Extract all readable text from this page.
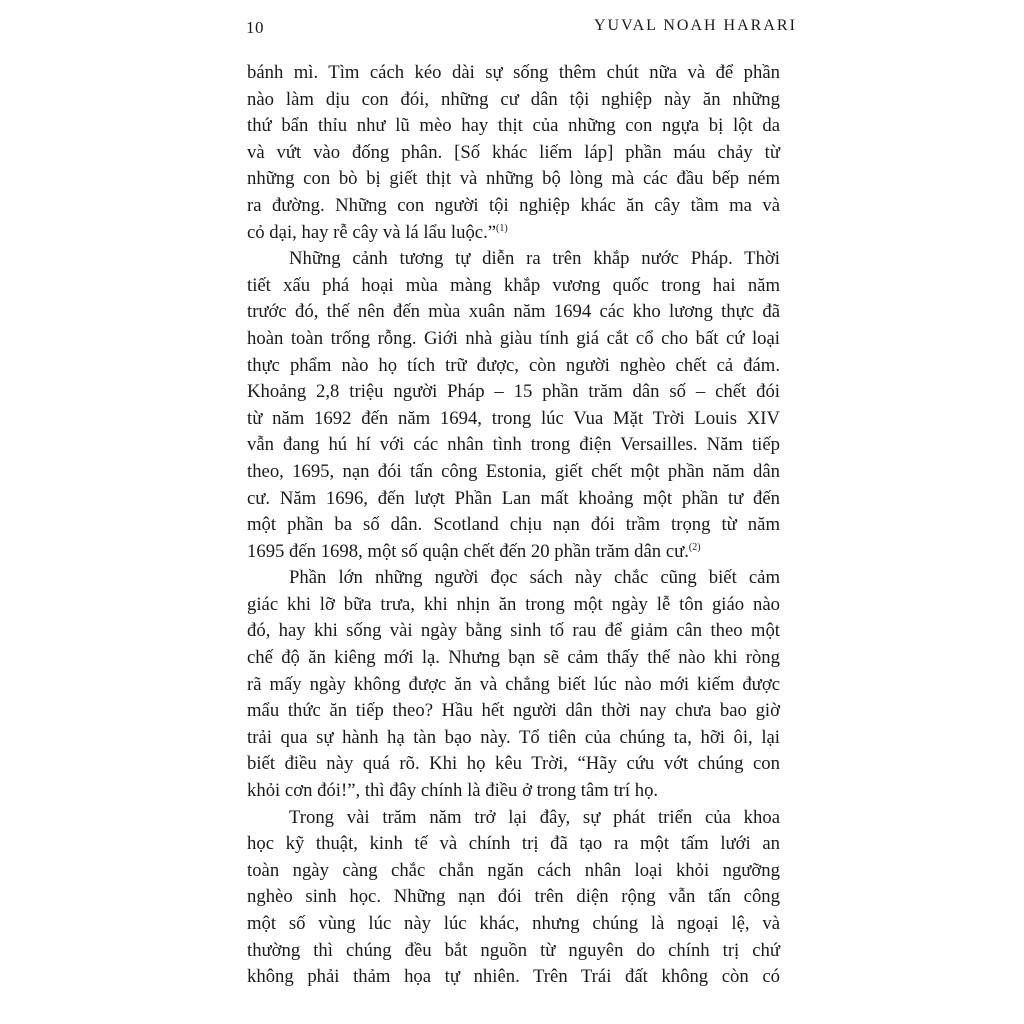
10	YUVAL NOAH HARARI
bánh mì. Tìm cách kéo dài sự sống thêm chút nữa và để phần
nào làm dịu con đói, những cư dân tội nghiệp này ăn những
thứ bẩn thỉu như lũ mèo hay thịt của những con ngựa bị lột da
và vứt vào đống phân. [Số khác liếm láp] phần máu chảy từ
những con bò bị giết thịt và những bộ lòng mà các đầu bếp ném
ra đường. Những con người tội nghiệp khác ăn cây tầm ma và
cỏ dại, hay rễ cây và lá lẩu luộc.”$^{(1)}$
Những cảnh tương tự diễn ra trên khắp nước Pháp. Thời
tiết xấu phá hoại mùa màng khắp vương quốc trong hai năm
trước đó, thế nên đến mùa xuân năm 1694 các kho lương thực đã
hoàn toàn trống rỗng. Giới nhà giàu tính giá cắt cổ cho bất cứ loại
thực phẩm nào họ tích trữ được, còn người nghèo chết cả đám.
Khoảng 2,8 triệu người Pháp – 15 phần trăm dân số – chết đói
từ năm 1692 đến năm 1694, trong lúc Vua Mặt Trời Louis XIV
vẫn đang hú hí với các nhân tình trong điện Versailles. Năm tiếp
theo, 1695, nạn đói tấn công Estonia, giết chết một phần năm dân
cư. Năm 1696, đến lượt Phần Lan mất khoảng một phần tư đến
một phần ba số dân. Scotland chịu nạn đói trầm trọng từ năm
1695 đến 1698, một số quận chết đến 20 phần trăm dân cư.$^{(2)}$
Phần lớn những người đọc sách này chắc cũng biết cảm
giác khi lỡ bữa trưa, khi nhịn ăn trong một ngày lễ tôn giáo nào
đó, hay khi sống vài ngày bằng sinh tố rau để giảm cân theo một
chế độ ăn kiêng mới lạ. Nhưng bạn sẽ cảm thấy thế nào khi ròng
rã mấy ngày không được ăn và chẳng biết lúc nào mới kiếm được
mẩu thức ăn tiếp theo? Hầu hết người dân thời nay chưa bao giờ
trải qua sự hành hạ tàn bạo này. Tổ tiên của chúng ta, hỡi ôi, lại
biết điều này quá rõ. Khi họ kêu Trời, “Hãy cứu vớt chúng con
khỏi cơn đói!”, thì đây chính là điều ở trong tâm trí họ.
Trong vài trăm năm trở lại đây, sự phát triển của khoa
học kỹ thuật, kinh tế và chính trị đã tạo ra một tấm lưới an
toàn ngày càng chắc chắn ngăn cách nhân loại khỏi ngưỡng
nghèo sinh học. Những nạn đói trên diện rộng vẫn tấn công
một số vùng lúc này lúc khác, nhưng chúng là ngoại lệ, và
thường thì chúng đều bắt nguồn từ nguyên do chính trị chứ
không phải thảm họa tự nhiên. Trên Trái đất không còn có
